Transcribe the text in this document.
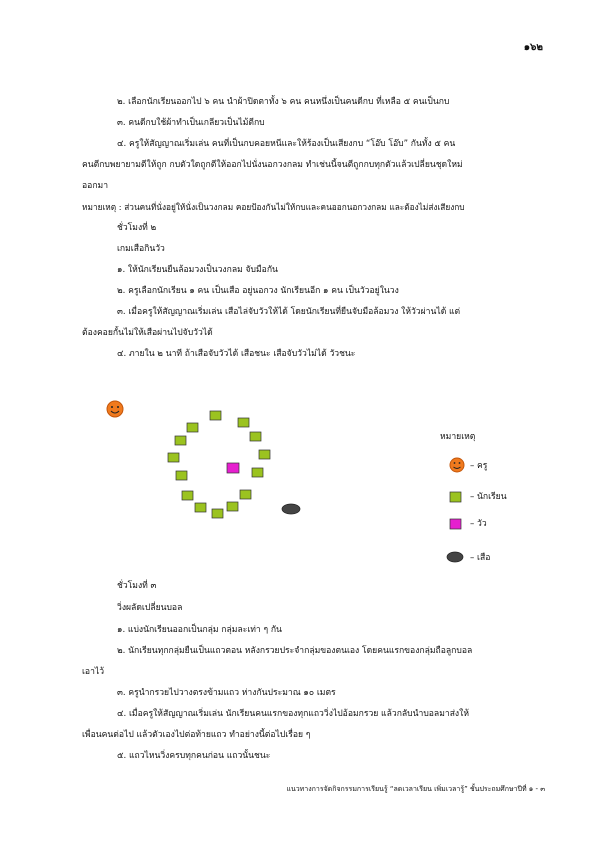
๑๖๒
๒. เลือกนักเรียนออกไป ๖ คน นำผ้าปิดตาทั้ง ๖ คน คนหนึ่งเป็นคนดีกบ ที่เหลือ ๕ คนเป็นกบ
๓. คนดีกบใช้ผ้าทำเป็นเกลียวเป็นไม้ตีกบ
๔. ครูให้สัญญาณเริ่มเล่น คนที่เป็นกบคอยหนีและให้ร้องเป็นเสียงกบ “โอ๊บ โอ๊บ” กันทั้ง ๕ คน
คนตีกบพยายามตีให้ถูก กบตัวใดถูกตีให้ออกไปนั่งนอกวงกลม ทำเช่นนี้จนตีถูกกบทุกตัวแล้วเปลี่ยนชุดใหม่
ออกมา
หมายเหตุ : ส่วนคนที่นั่งอยู่ให้นั่งเป็นวงกลม คอยป้องกันไม่ให้กบและคนออกนอกวงกลม และต้องไม่ส่งเสียงกบ
ชั่วโมงที่ ๒
เกมเสือกินวัว
๑. ให้นักเรียนยืนล้อมวงเป็นวงกลม จับมือกัน
๒. ครูเลือกนักเรียน ๑ คน เป็นเสือ อยู่นอกวง นักเรียนอีก ๑ คน เป็นวัวอยู่ในวง
๓. เมื่อครูให้สัญญาณเริ่มเล่น เสือไล่จับวัวให้ได้ โดยนักเรียนที่ยืนจับมือล้อมวง ให้วัวผ่านได้ แต่
ต้องคอยกั้นไม่ให้เสือผ่านไปจับวัวได้
๔. ภายใน ๒ นาที ถ้าเสือจับวัวได้ เสือชนะ เสือจับวัวไม่ได้ วัวชนะ
หมายเหตุ
– ครู
– นักเรียน
– วัว
– เสือ
ชั่วโมงที่ ๓
วิ่งผลัดเปลี่ยนบอล
๑. แบ่งนักเรียนออกเป็นกลุ่ม กลุ่มละเท่า ๆ กัน
๒. นักเรียนทุกกลุ่มยืนเป็นแถวตอน หลังกรวยประจำกลุ่มของตนเอง โดยคนแรกของกลุ่มถือลูกบอล
เอาไว้
๓. ครูนำกรวยไปวางตรงข้ามแถว ห่างกันประมาณ ๑๐ เมตร
๔. เมื่อครูให้สัญญาณเริ่มเล่น นักเรียนคนแรกของทุกแถววิ่งไปอ้อมกรวย แล้วกลับนำบอลมาส่งให้
เพื่อนคนต่อไป แล้วตัวเองไปต่อท้ายแถว ทำอย่างนี้ต่อไปเรื่อย ๆ
๕. แถวไหนวิ่งครบทุกคนก่อน แถวนั้นชนะ
แนวทางการจัดกิจกรรมการเรียนรู้ “ลดเวลาเรียน เพิ่มเวลารู้” ชั้นประถมศึกษาปีที่ ๑ - ๓
